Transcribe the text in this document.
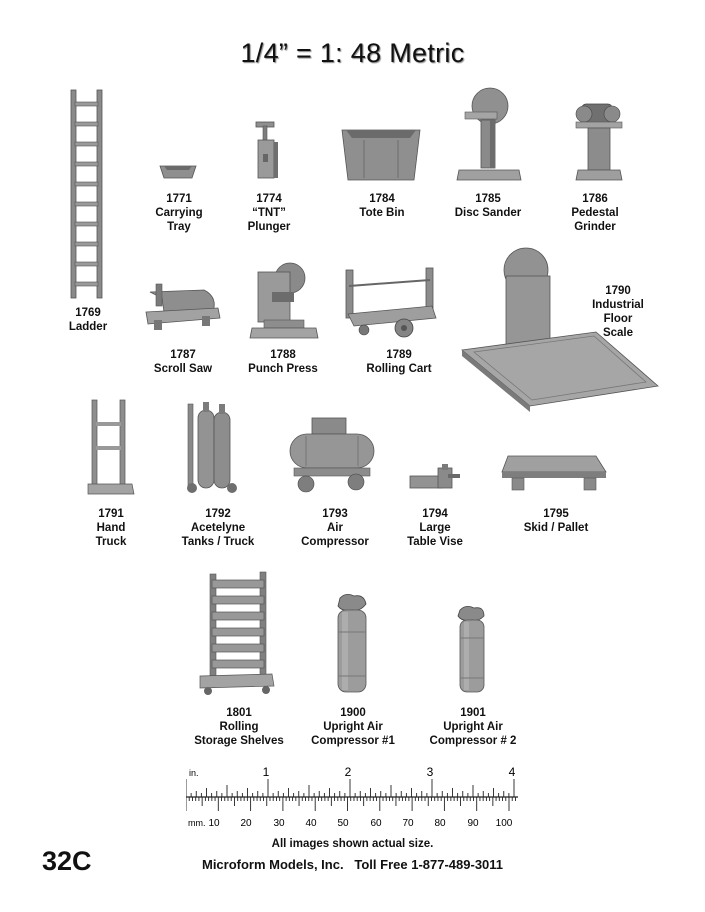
1/4” = 1: 48 Metric
1769
Ladder
1771
Carrying
Tray
1774
“TNT”
Plunger
1784
Tote Bin
1785
Disc Sander
1786
Pedestal
Grinder
1787
Scroll Saw
1788
Punch Press
1789
Rolling Cart
1790
Industrial
Floor
Scale
1791
Hand
Truck
1792
Acetelyne
Tanks / Truck
1793
Air
Compressor
1794
Large
Table Vise
1795
Skid / Pallet
1801
Rolling
Storage Shelves
1900
Upright Air
Compressor #1
1901
Upright Air
Compressor # 2
in.
mm.
1	2	3	4
10 20 30 40 50 60 70 80 90 100
All images shown actual size.
32C	Microform Models, Inc.   Toll Free 1-877-489-3011
